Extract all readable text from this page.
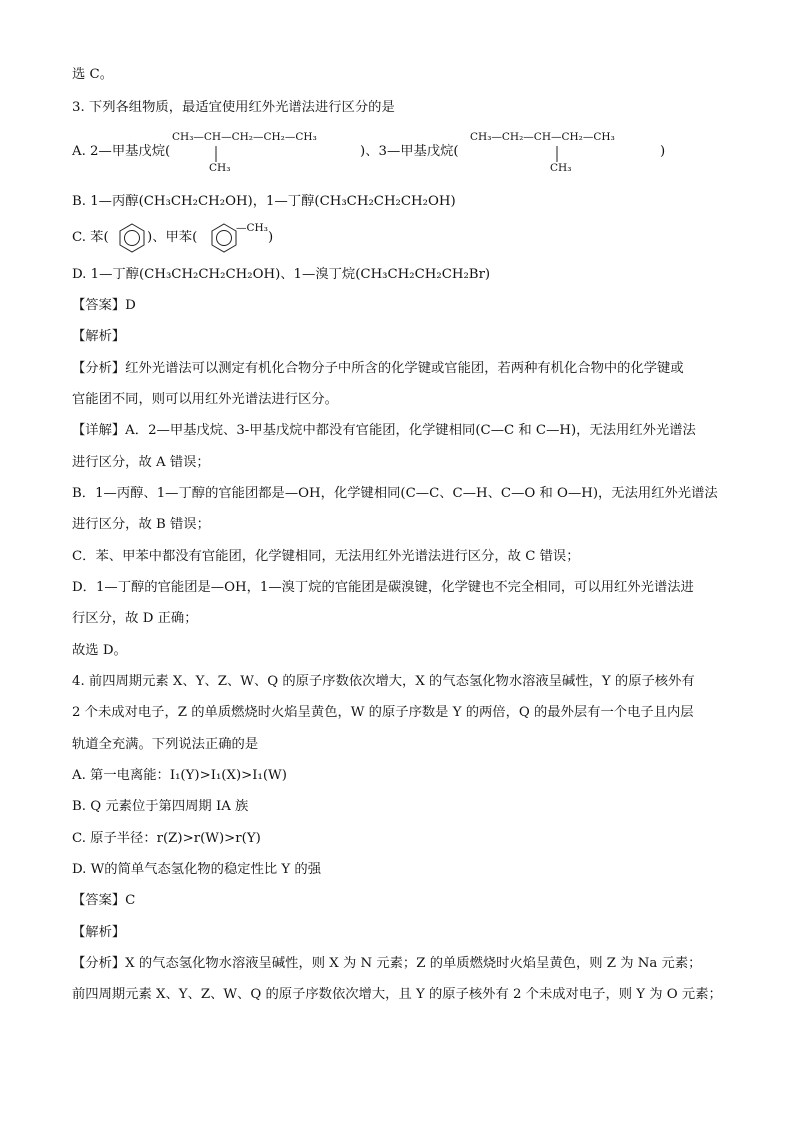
选 C。
3. 下列各组物质，最适宜使用红外光谱法进行区分的是
A. 2—甲基戊烷(
CH₃—CH—CH₂—CH₂—CH₃
CH₃
)、3—甲基戊烷(
CH₃—CH₂—CH—CH₂—CH₃
CH₃
)
B. 1—丙醇(CH₃CH₂CH₂OH)，1—丁醇(CH₃CH₂CH₂CH₂OH)
C. 苯(	)、甲苯(
—CH₃
)
D. 1—丁醇(CH₃CH₂CH₂CH₂OH)、1—溴丁烷(CH₃CH₂CH₂CH₂Br)
【答案】D
【解析】
【分析】红外光谱法可以测定有机化合物分子中所含的化学键或官能团，若两种有机化合物中的化学键或
官能团不同，则可以用红外光谱法进行区分。
【详解】A．2—甲基戊烷、3-甲基戊烷中都没有官能团，化学键相同(C—C 和 C—H)，无法用红外光谱法
进行区分，故 A 错误；
B．1—丙醇、1—丁醇的官能团都是—OH，化学键相同(C—C、C—H、C—O 和 O—H)，无法用红外光谱法
进行区分，故 B 错误；
C．苯、甲苯中都没有官能团，化学键相同，无法用红外光谱法进行区分，故 C 错误；
D．1—丁醇的官能团是—OH，1—溴丁烷的官能团是碳溴键，化学键也不完全相同，可以用红外光谱法进
行区分，故 D 正确；
故选 D。
4. 前四周期元素 X、Y、Z、W、Q 的原子序数依次增大，X 的气态氢化物水溶液呈碱性，Y 的原子核外有
2 个未成对电子，Z 的单质燃烧时火焰呈黄色，W 的原子序数是 Y 的两倍，Q 的最外层有一个电子且内层
轨道全充满。下列说法正确的是
A. 第一电离能：I₁(Y)>I₁(X)>I₁(W)
B. Q 元素位于第四周期 IA 族
C. 原子半径：r(Z)>r(W)>r(Y)
D. W的简单气态氢化物的稳定性比 Y 的强
【答案】C
【解析】
【分析】X 的气态氢化物水溶液呈碱性，则 X 为 N 元素；Z 的单质燃烧时火焰呈黄色，则 Z 为 Na 元素；
前四周期元素 X、Y、Z、W、Q 的原子序数依次增大，且 Y 的原子核外有 2 个未成对电子，则 Y 为 O 元素；
